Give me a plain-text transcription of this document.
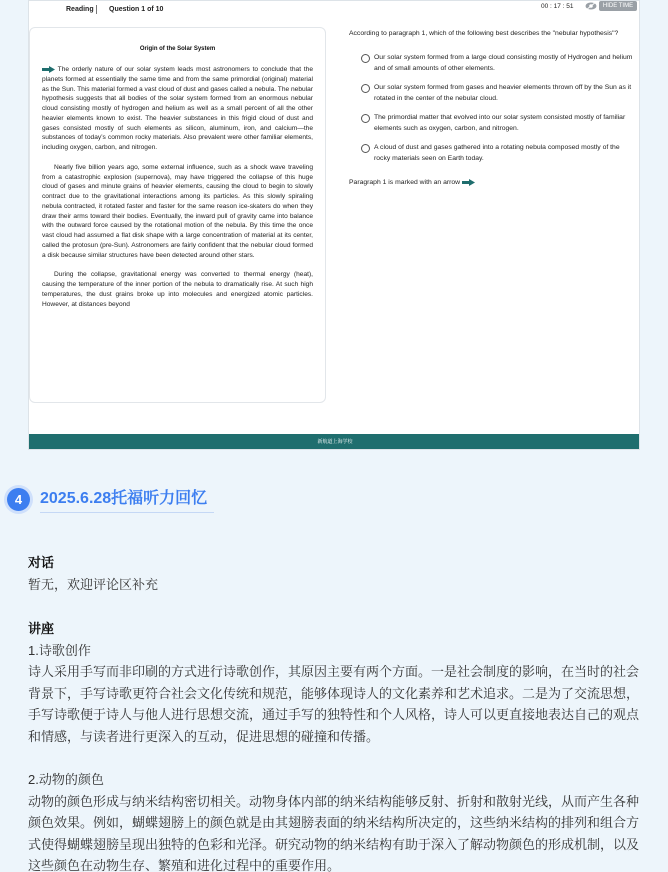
Reading Question 1 of 10	00 : 17 : 51	HIDE TIME
Origin of the Solar System

The orderly nature of our solar system leads most astronomers to conclude that the planets formed at essentially the same time and from the same primordial (original) material as the Sun. This material formed a vast cloud of dust and gases called a nebula. The nebular hypothesis suggests that all bodies of the solar system formed from an enormous nebular cloud consisting mostly of hydrogen and helium as well as a small percent of all the other heavier elements known to exist. The heavier substances in this frigid cloud of dust and gases consisted mostly of such elements as silicon, aluminum, iron, and calcium—the substances of today’s common rocky materials. Also prevalent were other familiar elements, including oxygen, carbon, and nitrogen.

Nearly five billion years ago, some external influence, such as a shock wave traveling from a catastrophic explosion (supernova), may have triggered the collapse of this huge cloud of gases and minute grains of heavier elements, causing the cloud to begin to slowly contract due to the gravitational interactions among its particles. As this slowly spiraling nebula contracted, it rotated faster and faster for the same reason ice-skaters do when they draw their arms toward their bodies. Eventually, the inward pull of gravity came into balance with the outward force caused by the rotational motion of the nebula. By this time the once vast cloud had assumed a flat disk shape with a large concentration of material at its center, called the protosun (pre-Sun). Astronomers are fairly confident that the nebular cloud formed a disk because similar structures have been detected around other stars.

During the collapse, gravitational energy was converted to thermal energy (heat), causing the temperature of the inner portion of the nebula to dramatically rise. At such high temperatures, the dust grains broke up into molecules and energized atomic particles. However, at distances beyond

According to paragraph 1, which of the following best describes the "nebular hypothesis"?
Our solar system formed from a large cloud consisting mostly of Hydrogen and helium and of small amounts of other elements.
Our solar system formed from gases and heavier elements thrown off by the Sun as it rotated in the center of the nebular cloud.
The primordial matter that evolved into our solar system consisted mostly of familiar elements such as oxygen, carbon, and nitrogen.
A cloud of dust and gases gathered into a rotating nebula composed mostly of the rocky materials seen on Earth today.
Paragraph 1 is marked with an arrow
新航道上海学校
4	2025.6.28托福听力回忆
对话
暂无，欢迎评论区补充
讲座
1.诗歌创作
诗人采用手写而非印刷的方式进行诗歌创作，其原因主要有两个方面。一是社会制度的影响，在当时的社会背景下，手写诗歌更符合社会文化传统和规范，能够体现诗人的文化素养和艺术追求。二是为了交流思想，手写诗歌便于诗人与他人进行思想交流，通过手写的独特性和个人风格，诗人可以更直接地表达自己的观点和情感，与读者进行更深入的互动，促进思想的碰撞和传播。
2.动物的颜色
动物的颜色形成与纳米结构密切相关。动物身体内部的纳米结构能够反射、折射和散射光线，从而产生各种颜色效果。例如，蝴蝶翅膀上的颜色就是由其翅膀表面的纳米结构所决定的，这些纳米结构的排列和组合方式使得蝴蝶翅膀呈现出独特的色彩和光泽。研究动物的纳米结构有助于深入了解动物颜色的形成机制，以及这些颜色在动物生存、繁殖和进化过程中的重要作用。
